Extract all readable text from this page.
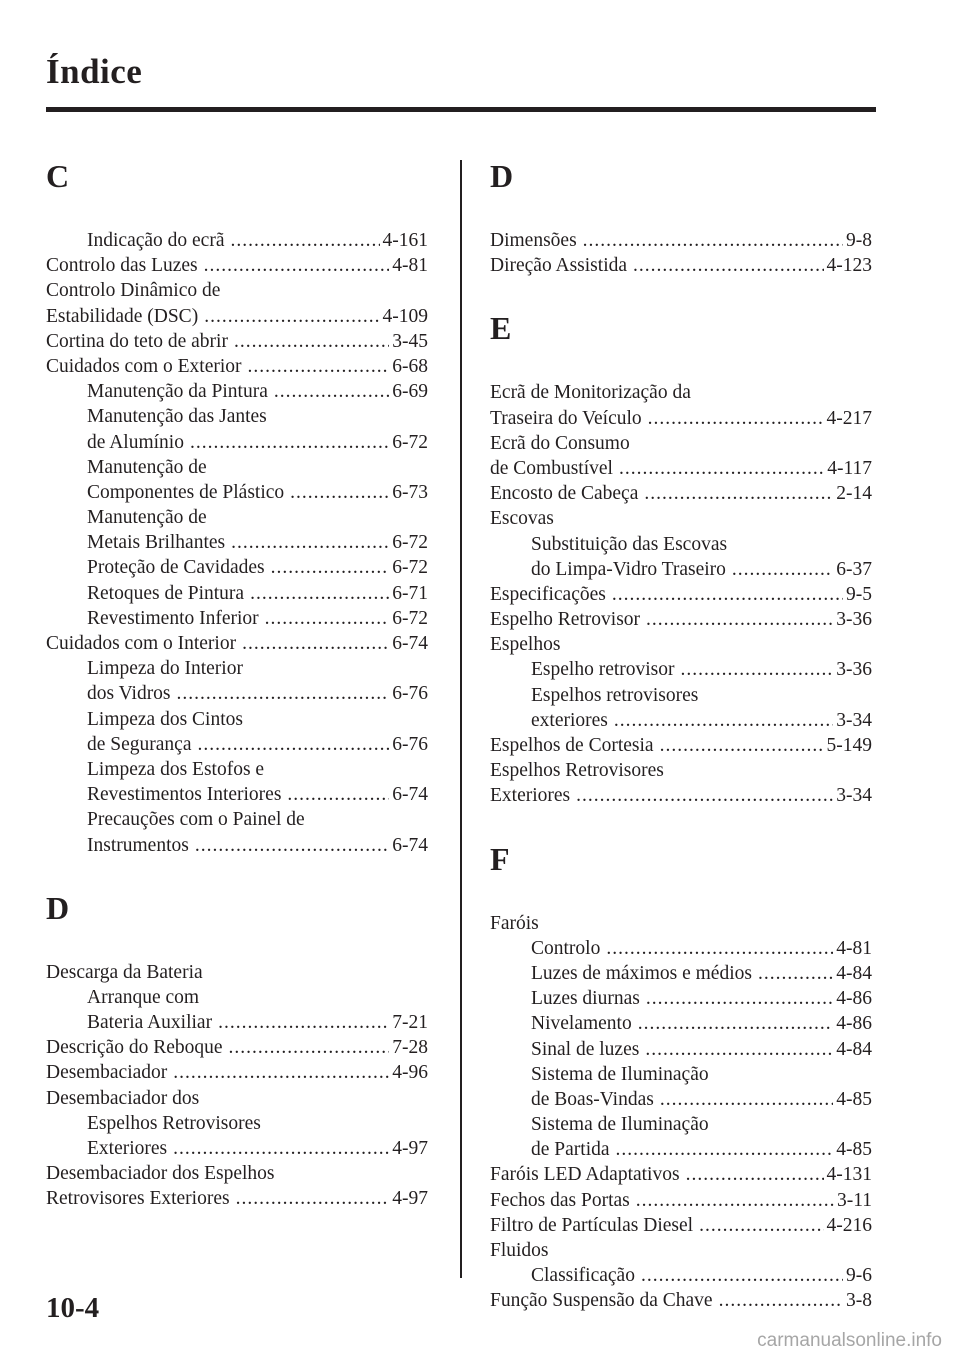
Índice
C
Indicação do ecrã .....	4-161
Controlo das Luzes .....	4-81
Controlo Dinâmico de
Estabilidade (DSC) .....	4-109
Cortina do teto de abrir .....	3-45
Cuidados com o Exterior .....	6-68
Manutenção da Pintura .....	6-69
Manutenção das Jantes
de Alumínio .....	6-72
Manutenção de
Componentes de Plástico .....	6-73
Manutenção de
Metais Brilhantes .....	6-72
Proteção de Cavidades .....	6-72
Retoques de Pintura .....	6-71
Revestimento Inferior .....	6-72
Cuidados com o Interior .....	6-74
Limpeza do Interior
dos Vidros .....	6-76
Limpeza dos Cintos
de Segurança .....	6-76
Limpeza dos Estofos e
Revestimentos Interiores .....	6-74
Precauções com o Painel de
Instrumentos .....	6-74
D
Descarga da Bateria
Arranque com
Bateria Auxiliar .....	7-21
Descrição do Reboque .....	7-28
Desembaciador .....	4-96
Desembaciador dos
Espelhos Retrovisores
Exteriores .....	4-97
Desembaciador dos Espelhos
Retrovisores Exteriores .....	4-97
D
Dimensões .....	9-8
Direção Assistida .....	4-123
E
Ecrã de Monitorização da
Traseira do Veículo .....	4-217
Ecrã do Consumo
de Combustível .....	4-117
Encosto de Cabeça .....	2-14
Escovas
Substituição das Escovas
do Limpa-Vidro Traseiro .....	6-37
Especificações .....	9-5
Espelho Retrovisor .....	3-36
Espelhos
Espelho retrovisor .....	3-36
Espelhos retrovisores
exteriores .....	3-34
Espelhos de Cortesia .....	5-149
Espelhos Retrovisores
Exteriores .....	3-34
F
Faróis
Controlo .....	4-81
Luzes de máximos e médios .....	4-84
Luzes diurnas .....	4-86
Nivelamento .....	4-86
Sinal de luzes .....	4-84
Sistema de Iluminação
de Boas-Vindas .....	4-85
Sistema de Iluminação
de Partida .....	4-85
Faróis LED Adaptativos .....	4-131
Fechos das Portas .....	3-11
Filtro de Partículas Diesel .....	4-216
Fluidos
Classificação .....	9-6
Função Suspensão da Chave .....	3-8
10-4
carmanualsonline.info
